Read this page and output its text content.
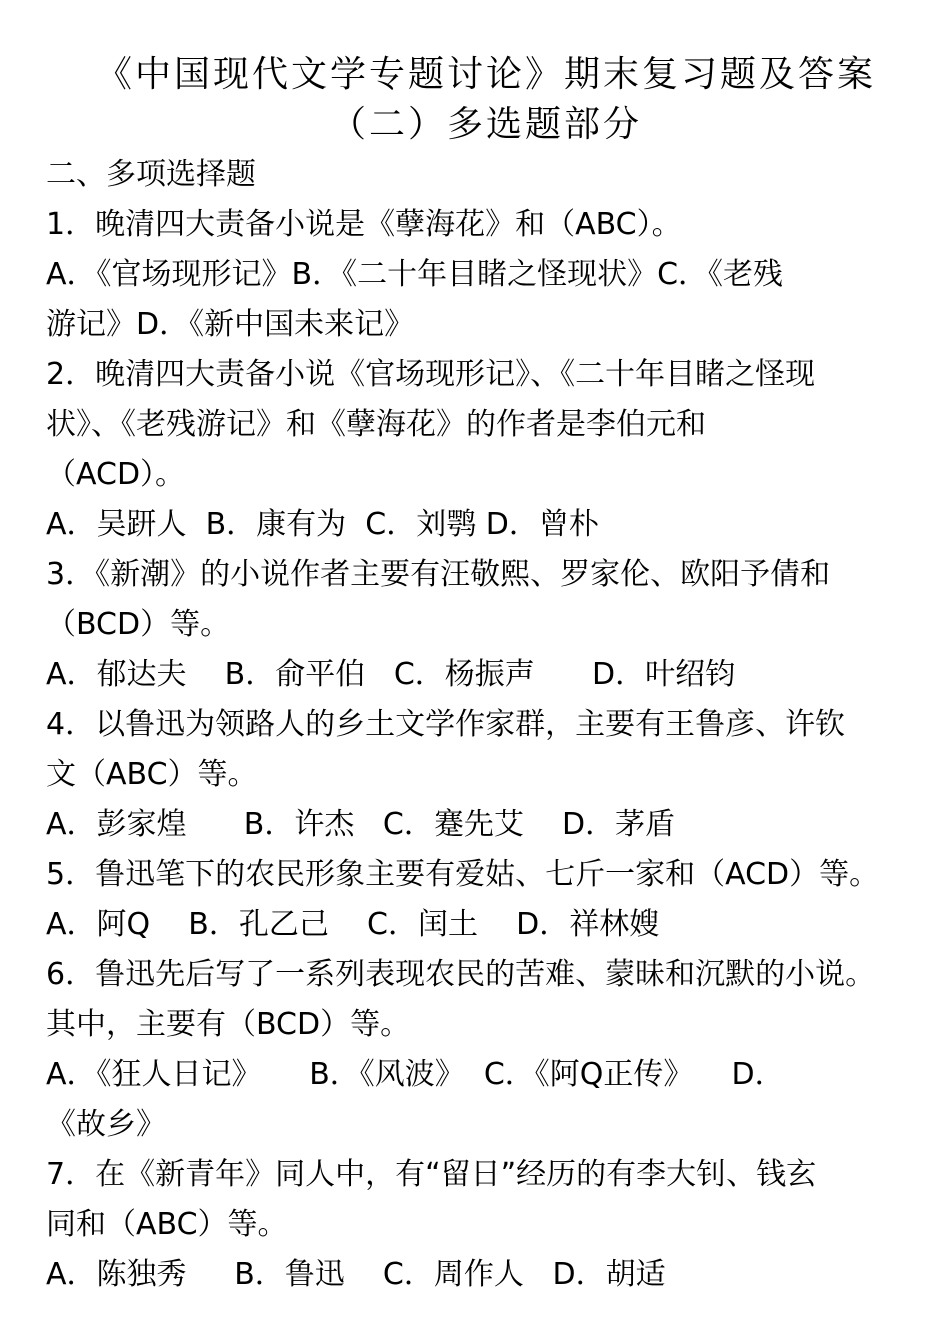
《中国现代文学专题讨论》期末复习题及答案
（二）多选题部分

二、多项选择题

1．晚清四大责备小说是《孽海花》和（ABC）。

A．《官场现形记》B．《二十年目睹之怪现状》C．《老残

游记》D．《新中国未来记》

2．晚清四大责备小说《官场现形记》、《二十年目睹之怪现

状》、《老残游记》和《孽海花》的作者是李伯元和

（ACD）。

A．吴趼人  B．康有为  C．刘鹗 D．曾朴

3．《新潮》的小说作者主要有汪敬熙、罗家伦、欧阳予倩和

（BCD）等。

A．郁达夫    B．俞平伯   C．杨振声      D．叶绍钧

4．以鲁迅为领路人的乡土文学作家群，主要有王鲁彦、许钦

文（ABC）等。

A．彭家煌      B．许杰   C．蹇先艾    D．茅盾

5．鲁迅笔下的农民形象主要有爱姑、七斤一家和（ACD）等。

A．阿Q    B．孔乙己    C．闰土    D．祥林嫂

6．鲁迅先后写了一系列表现农民的苦难、蒙昧和沉默的小说。

其中，主要有（BCD）等。

A．《狂人日记》     B．《风波》  C．《阿Q正传》    D．

《故乡》

7．在《新青年》同人中，有“留日”经历的有李大钊、钱玄

同和（ABC）等。

A．陈独秀     B．鲁迅    C．周作人   D．胡适
